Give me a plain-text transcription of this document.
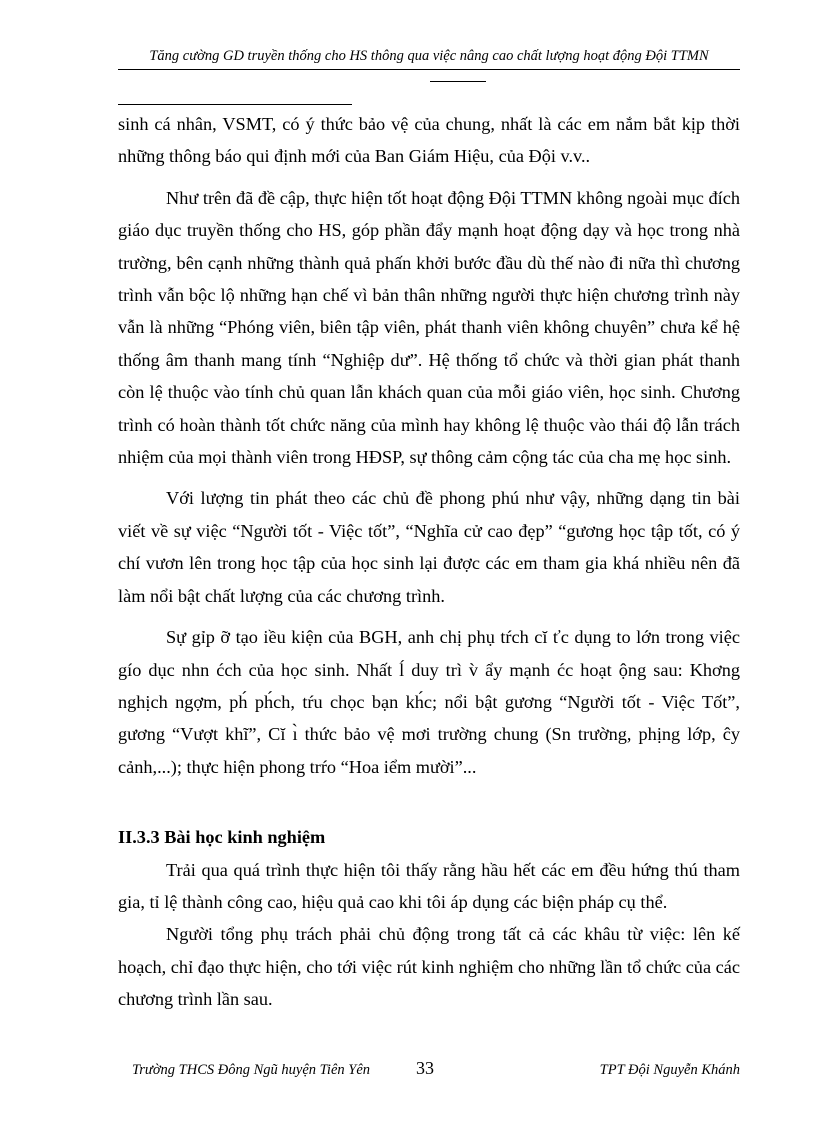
Tăng cường GD truyền thống cho HS thông qua việc nâng cao chất lượng hoạt động Đội TTMN

sinh cá nhân, VSMT, có ý thức bảo vệ của chung, nhất là các em nắm bắt kịp thời những thông báo qui định mới của Ban Giám Hiệu, của Đội v.v..

Như trên đã đề cập, thực hiện tốt hoạt động Đội TTMN không ngoài mục đích giáo dục truyền thống cho HS, góp phần đẩy mạnh hoạt động dạy và học trong nhà trường, bên cạnh những thành quả phấn khởi bước đầu dù thế nào đi nữa thì chương trình vẫn bộc lộ những hạn chế vì bản thân những người thực hiện chương trình này vẫn là những “Phóng viên, biên tập viên, phát thanh viên không chuyên” chưa kể hệ thống âm thanh mang tính “Nghiệp dư”. Hệ thống tổ chức và thời gian phát thanh còn lệ thuộc vào tính chủ quan lẫn khách quan của mỗi giáo viên, học sinh. Chương trình có hoàn thành tốt chức năng của mình hay không lệ thuộc vào thái độ lẫn trách nhiệm của mọi thành viên trong HĐSP, sự thông cảm cộng tác của cha mẹ học sinh.

Với lượng tin phát theo các chủ đề phong phú như vậy, những dạng tin bài viết về sự việc “Người tốt - Việc tốt”, “Nghĩa cử cao đẹp” “gương học tập tốt, có ý chí vươn lên trong học tập của học sinh lại được các em tham gia khá nhiều nên đã làm nổi bật chất lượng của các chương trình.

Sự gỉp ỡ tạo iều kiện của BGH, anh chị phụ tŕch cĭ ťc dụng to lớn trong việc gío dục nhn ćch của học sinh. Nhất ĺ duy trì v̀ ẩy mạnh ćc hoạt ộng sau: Khơng nghịch ngợm, ph́ ph́ch, tŕu chọc bạn kh́c; nổi bật gương “Người tốt - Việc Tốt”, gương “Vượt khĩ”, Cĭ ı̀ thức bảo vệ mơi trường chung (Sn trường, phịng lớp, ĉy cảnh,...); thực hiện phong trŕo “Hoa iểm mười”...

II.3.3 Bài học kinh nghiệm

Trải qua quá trình thực hiện tôi thấy rằng hầu hết các em đều hứng thú tham gia, tỉ lệ thành công cao, hiệu quả cao khi tôi áp dụng các biện pháp cụ thể.

Người tổng phụ trách phải chủ động trong tất cả các khâu từ việc: lên kế hoạch, chỉ đạo thực hiện, cho tới việc rút kinh nghiệm cho những lần tổ chức của các chương trình lần sau.

Trường THCS Đông Ngũ huyện Tiên Yên	33	TPT Đội Nguyễn Khánh
